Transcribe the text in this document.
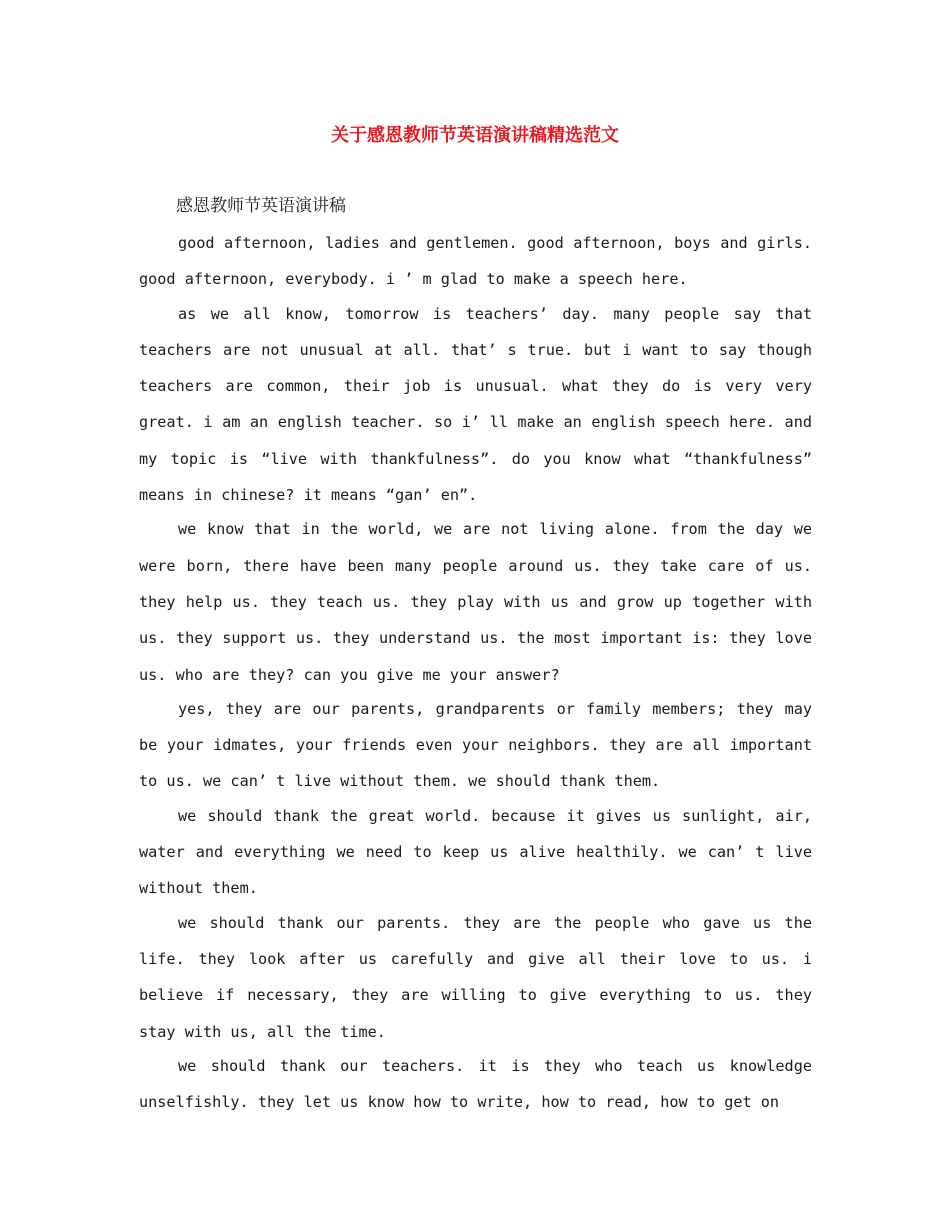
关于感恩教师节英语演讲稿精选范文

感恩教师节英语演讲稿

good afternoon, ladies and gentlemen. good afternoon, boys and girls. good afternoon, everybody. i ’ m glad to make a speech here.

as we all know, tomorrow is teachers’ day. many people say that teachers are not unusual at all. that’ s true. but i want to say though teachers are common, their job is unusual. what they do is very very great. i am an english teacher. so i’ ll make an english speech here. and my topic is “live with thankfulness”. do you know what “thankfulness” means in chinese? it means “gan’ en”.

we know that in the world, we are not living alone. from the day we were born, there have been many people around us. they take care of us. they help us. they teach us. they play with us and grow up together with us. they support us. they understand us. the most important is: they love us. who are they? can you give me your answer?

yes, they are our parents, grandparents or family members; they may be your idmates, your friends even your neighbors. they are all important to us. we can’ t live without them. we should thank them.

we should thank the great world. because it gives us sunlight, air, water and everything we need to keep us alive healthily. we can’ t live without them.

we should thank our parents. they are the people who gave us the life. they look after us carefully and give all their love to us. i believe if necessary, they are willing to give everything to us. they stay with us, all the time.

we should thank our teachers. it is they who teach us knowledge unselfishly. they let us know how to write, how to read, how to get on
